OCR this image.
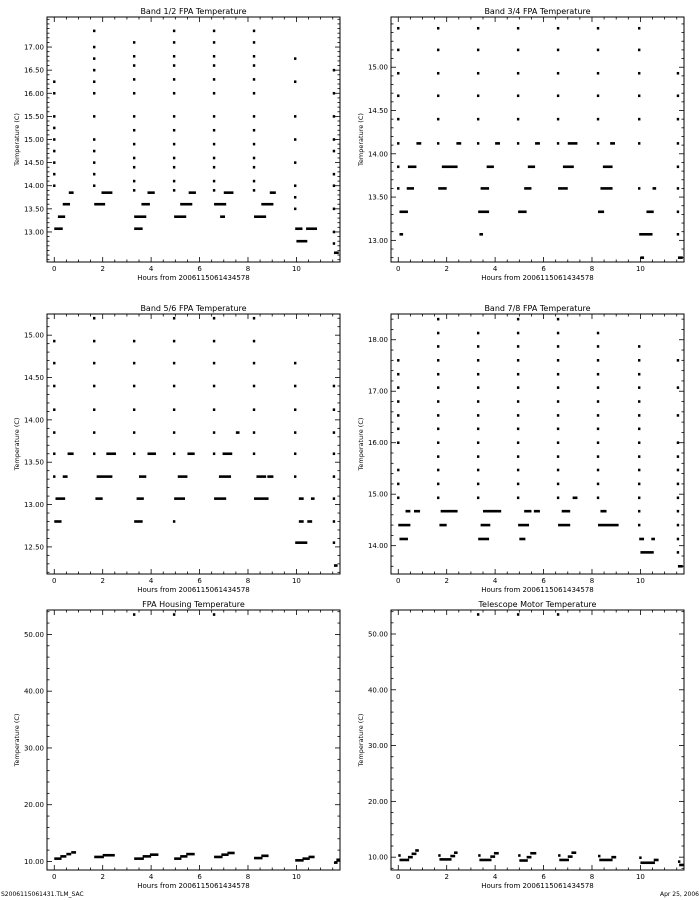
Band 1/2 FPA Temperature
0	2	4	6	8	10
13.00
13.50
14.00
14.50
15.00
15.50
16.00
16.50
17.00
Hours from 2006115061434578
Temperature (C)
Band 3/4 FPA Temperature
0	2	4	6	8	10
13.00
13.50
14.00
14.50
15.00
Hours from 2006115061434578
Temperature (C)
Band 5/6 FPA Temperature
0	2	4	6	8	10
12.50
13.00
13.50
14.00
14.50
15.00
Hours from 2006115061434578
Temperature (C)
Band 7/8 FPA Temperature
0	2	4	6	8	10
14.00
15.00
16.00
17.00
18.00
Hours from 2006115061434578
Temperature (C)
FPA Housing Temperature
0	2	4	6	8	10
10.00
20.00
30.00
40.00
50.00
Hours from 2006115061434578
Temperature (C)
Telescope Motor Temperature
0	2	4	6	8	10
10.00
20.00
30.00
40.00
50.00
Hours from 2006115061434578
Temperature (C)
S2006115061431.TLM_SAC	Apr 25, 2006
